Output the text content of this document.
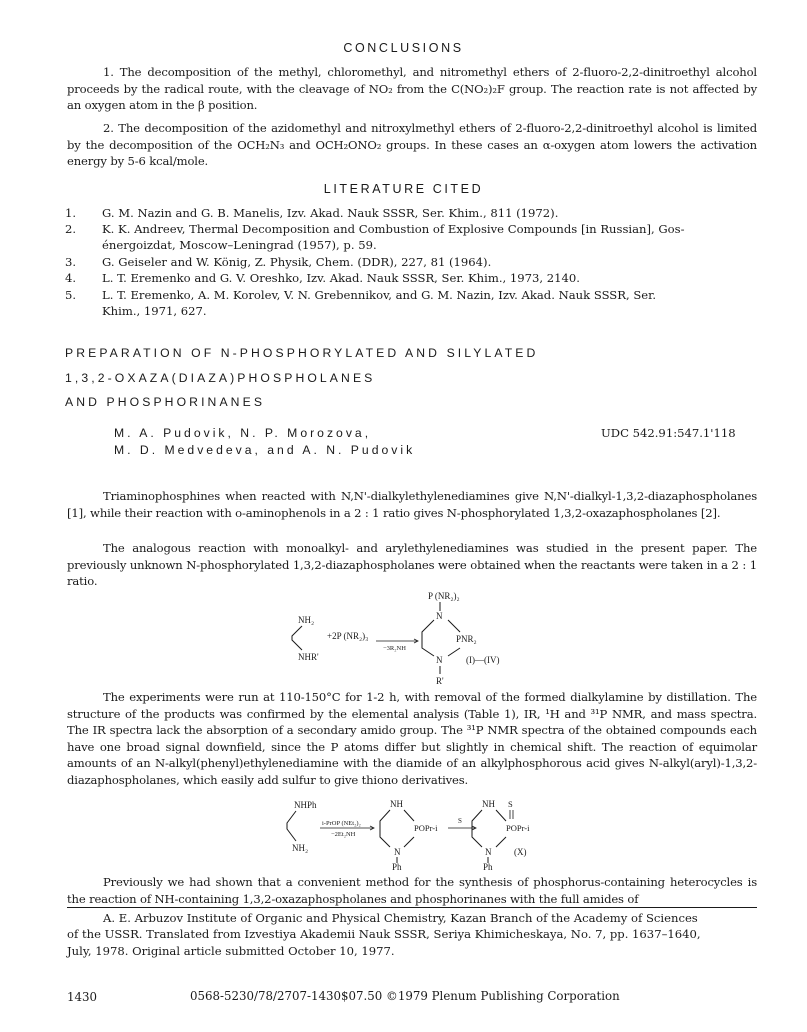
CONCLUSIONS
1. The decomposition of the methyl, chloromethyl, and nitromethyl ethers of 2-fluoro-2,2-dinitroethyl alcohol proceeds by the radical route, with the cleavage of NO₂ from the C(NO₂)₂F group. The reaction rate is not affected by an oxygen atom in the β position.
2. The decomposition of the azidomethyl and nitroxylmethyl ethers of 2-fluoro-2,2-dinitroethyl alcohol is limited by the decomposition of the OCH₂N₃ and OCH₂ONO₂ groups. In these cases an α-oxygen atom lowers the activation energy by 5-6 kcal/mole.
LITERATURE CITED
1. G. M. Nazin and G. B. Manelis, Izv. Akad. Nauk SSSR, Ser. Khim., 811 (1972).
2. K. K. Andreev, Thermal Decomposition and Combustion of Explosive Compounds [in Russian], Gos-
énergoizdat, Moscow–Leningrad (1957), p. 59.
3. G. Geiseler and W. König, Z. Physik, Chem. (DDR), 227, 81 (1964).
4. L. T. Eremenko and G. V. Oreshko, Izv. Akad. Nauk SSSR, Ser. Khim., 1973, 2140.
5. L. T. Eremenko, A. M. Korolev, V. N. Grebennikov, and G. M. Nazin, Izv. Akad. Nauk SSSR, Ser.
Khim., 1971, 627.
PREPARATION OF N-PHOSPHORYLATED AND SILYLATED
1,3,2-OXAZA(DIAZA)PHOSPHOLANES
AND PHOSPHORINANES
M. A. Pudovik, N. P. Morozova,
M. D. Medvedeva, and A. N. Pudovik
UDC 542.91:547.1'118
Triaminophosphines when reacted with N,N'-dialkylethylenediamines give N,N'-dialkyl-1,3,2-diazaphospholanes [1], while their reaction with o-aminophenols in a 2 : 1 ratio gives N-phosphorylated 1,3,2-oxazaphospholanes [2].
The analogous reaction with monoalkyl- and arylethylenediamines was studied in the present paper. The previously unknown N-phosphorylated 1,3,2-diazaphospholanes were obtained when the reactants were taken in a 2 : 1 ratio.
NH₂
NHR'
+2P (NR₂)₃
−3R₂NH
P (NR₂)₂
N
PNR₂
N
R'
(I)—(IV)
The experiments were run at 110-150°C for 1-2 h, with removal of the formed dialkylamine by distillation. The structure of the products was confirmed by the elemental analysis (Table 1), IR, ¹H and ³¹P NMR, and mass spectra. The IR spectra lack the absorption of a secondary amido group. The ³¹P NMR spectra of the obtained compounds each have one broad signal downfield, since the P atoms differ but slightly in chemical shift. The reaction of equimolar amounts of an N-alkyl(phenyl)ethylenediamine with the diamide of an alkylphosphorous acid gives N-alkyl(aryl)-1,3,2-diazaphospholanes, which easily add sulfur to give thiono derivatives.
NHPh
NH₂
i-PrOP (NEt₂)₂
−2Et₂NH
NH
POPr-i
N
Ph
S
NH S
POPr-i
N
Ph
(X)
Previously we had shown that a convenient method for the synthesis of phosphorus-containing heterocycles is the reaction of NH-containing 1,3,2-oxazaphospholanes and phosphorinanes with the full amides of
A. E. Arbuzov Institute of Organic and Physical Chemistry, Kazan Branch of the Academy of Sciences
of the USSR. Translated from Izvestiya Akademii Nauk SSSR, Seriya Khimicheskaya, No. 7, pp. 1637–1640,
July, 1978. Original article submitted October 10, 1977.
1430	0568-5230/78/2707-1430$07.50 ©1979 Plenum Publishing Corporation
